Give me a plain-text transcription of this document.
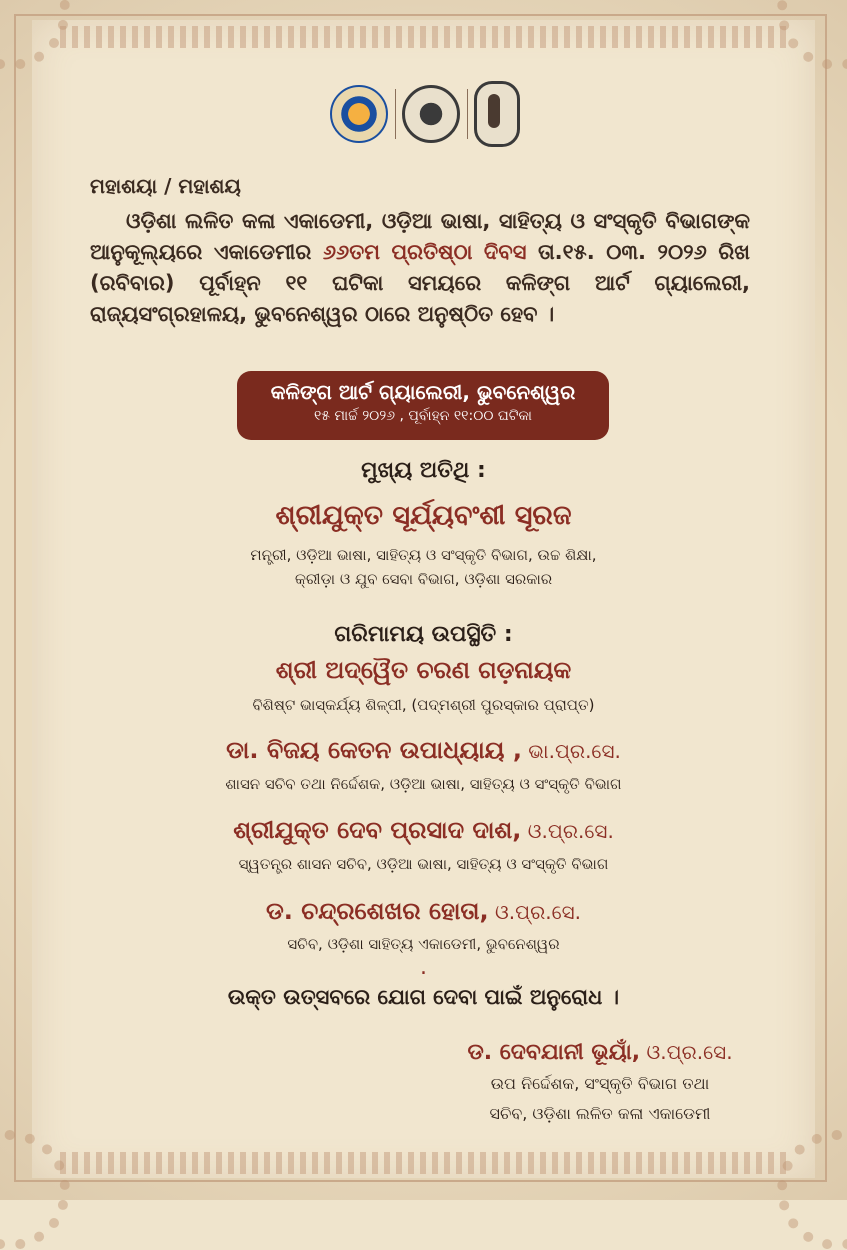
ମହାଶୟା / ମହାଶୟ
ଓଡ଼ିଶା ଲଳିତ କଳା ଏକାଡେମୀ, ଓଡ଼ିଆ ଭାଷା, ସାହିତ୍ୟ ଓ ସଂସ୍କୃତି ବିଭାଗଙ୍କ ଆନୁକୂଲ୍ୟରେ ଏକାଡେମୀର ୬୬ତମ ପ୍ରତିଷ୍ଠା ଦିବସ ତା.୧୫. ୦୩. ୨୦୨୬ ରିଖ (ରବିବାର) ପୂର୍ବାହ୍ନ ୧୧ ଘଟିକା ସମୟରେ କଳିଙ୍ଗ ଆର୍ଟ ଗ୍ୟାଲେରୀ, ରାଜ୍ୟସଂଗ୍ରହାଳୟ, ଭୁବନେଶ୍ୱର ଠାରେ ଅନୁଷ୍ଠିତ ହେବ ।
କଳିଙ୍ଗ ଆର୍ଟ ଗ୍ୟାଲେରୀ, ଭୁବନେଶ୍ୱର
୧୫ ମାର୍ଚ୍ଚ ୨୦୨୬ , ପୂର୍ବାହ୍ନ ୧୧:୦୦ ଘଟିକା
ମୁଖ୍ୟ ଅତିଥି :
ଶ୍ରୀଯୁକ୍ତ ସୂର୍ଯ୍ୟବଂଶୀ ସୂରଜ
ମନ୍ତ୍ରୀ, ଓଡ଼ିଆ ଭାଷା, ସାହିତ୍ୟ ଓ ସଂସ୍କୃତି ବିଭାଗ, ଉଚ୍ଚ ଶିକ୍ଷା,
କ୍ରୀଡ଼ା ଓ ଯୁବ ସେବା ବିଭାଗ, ଓଡ଼ିଶା ସରକାର
ଗରିମାମୟ ଉପସ୍ଥିତି :
ଶ୍ରୀ ଅଦ୍ୱୈତ ଚରଣ ଗଡ଼ନାୟକ
ବିଶିଷ୍ଟ ଭାସ୍କର୍ଯ୍ୟ ଶିଳ୍ପୀ, (ପଦ୍ମଶ୍ରୀ ପୁରସ୍କାର ପ୍ରାପ୍ତ)
ଡା. ବିଜୟ କେତନ ଉପାଧ୍ୟାୟ , ଭା.ପ୍ର.ସେ.
ଶାସନ ସଚିବ ତଥା ନିର୍ଦ୍ଦେଶକ, ଓଡ଼ିଆ ଭାଷା, ସାହିତ୍ୟ ଓ ସଂସ୍କୃତି ବିଭାଗ
ଶ୍ରୀଯୁକ୍ତ ଦେବ ପ୍ରସାଦ ଦାଶ, ଓ.ପ୍ର.ସେ.
ସ୍ୱତନ୍ତ୍ର ଶାସନ ସଚିବ, ଓଡ଼ିଆ ଭାଷା, ସାହିତ୍ୟ ଓ ସଂସ୍କୃତି ବିଭାଗ
ଡ. ଚନ୍ଦ୍ରଶେଖର ହୋତା, ଓ.ପ୍ର.ସେ.
ସଚିବ, ଓଡ଼ିଶା ସାହିତ୍ୟ ଏକାଡେମୀ, ଭୁବନେଶ୍ୱର
.
ଉକ୍ତ ଉତ୍ସବରେ ଯୋଗ ଦେବା ପାଇଁ ଅନୁରୋଧ ।
ଡ. ଦେବଯାନୀ ଭୂୟାଁ, ଓ.ପ୍ର.ସେ.
ଉପ ନିର୍ଦ୍ଦେଶକ, ସଂସ୍କୃତି ବିଭାଗ ତଥା
ସଚିବ, ଓଡ଼ିଶା ଲଳିତ କଳା ଏକାଡେମୀ
